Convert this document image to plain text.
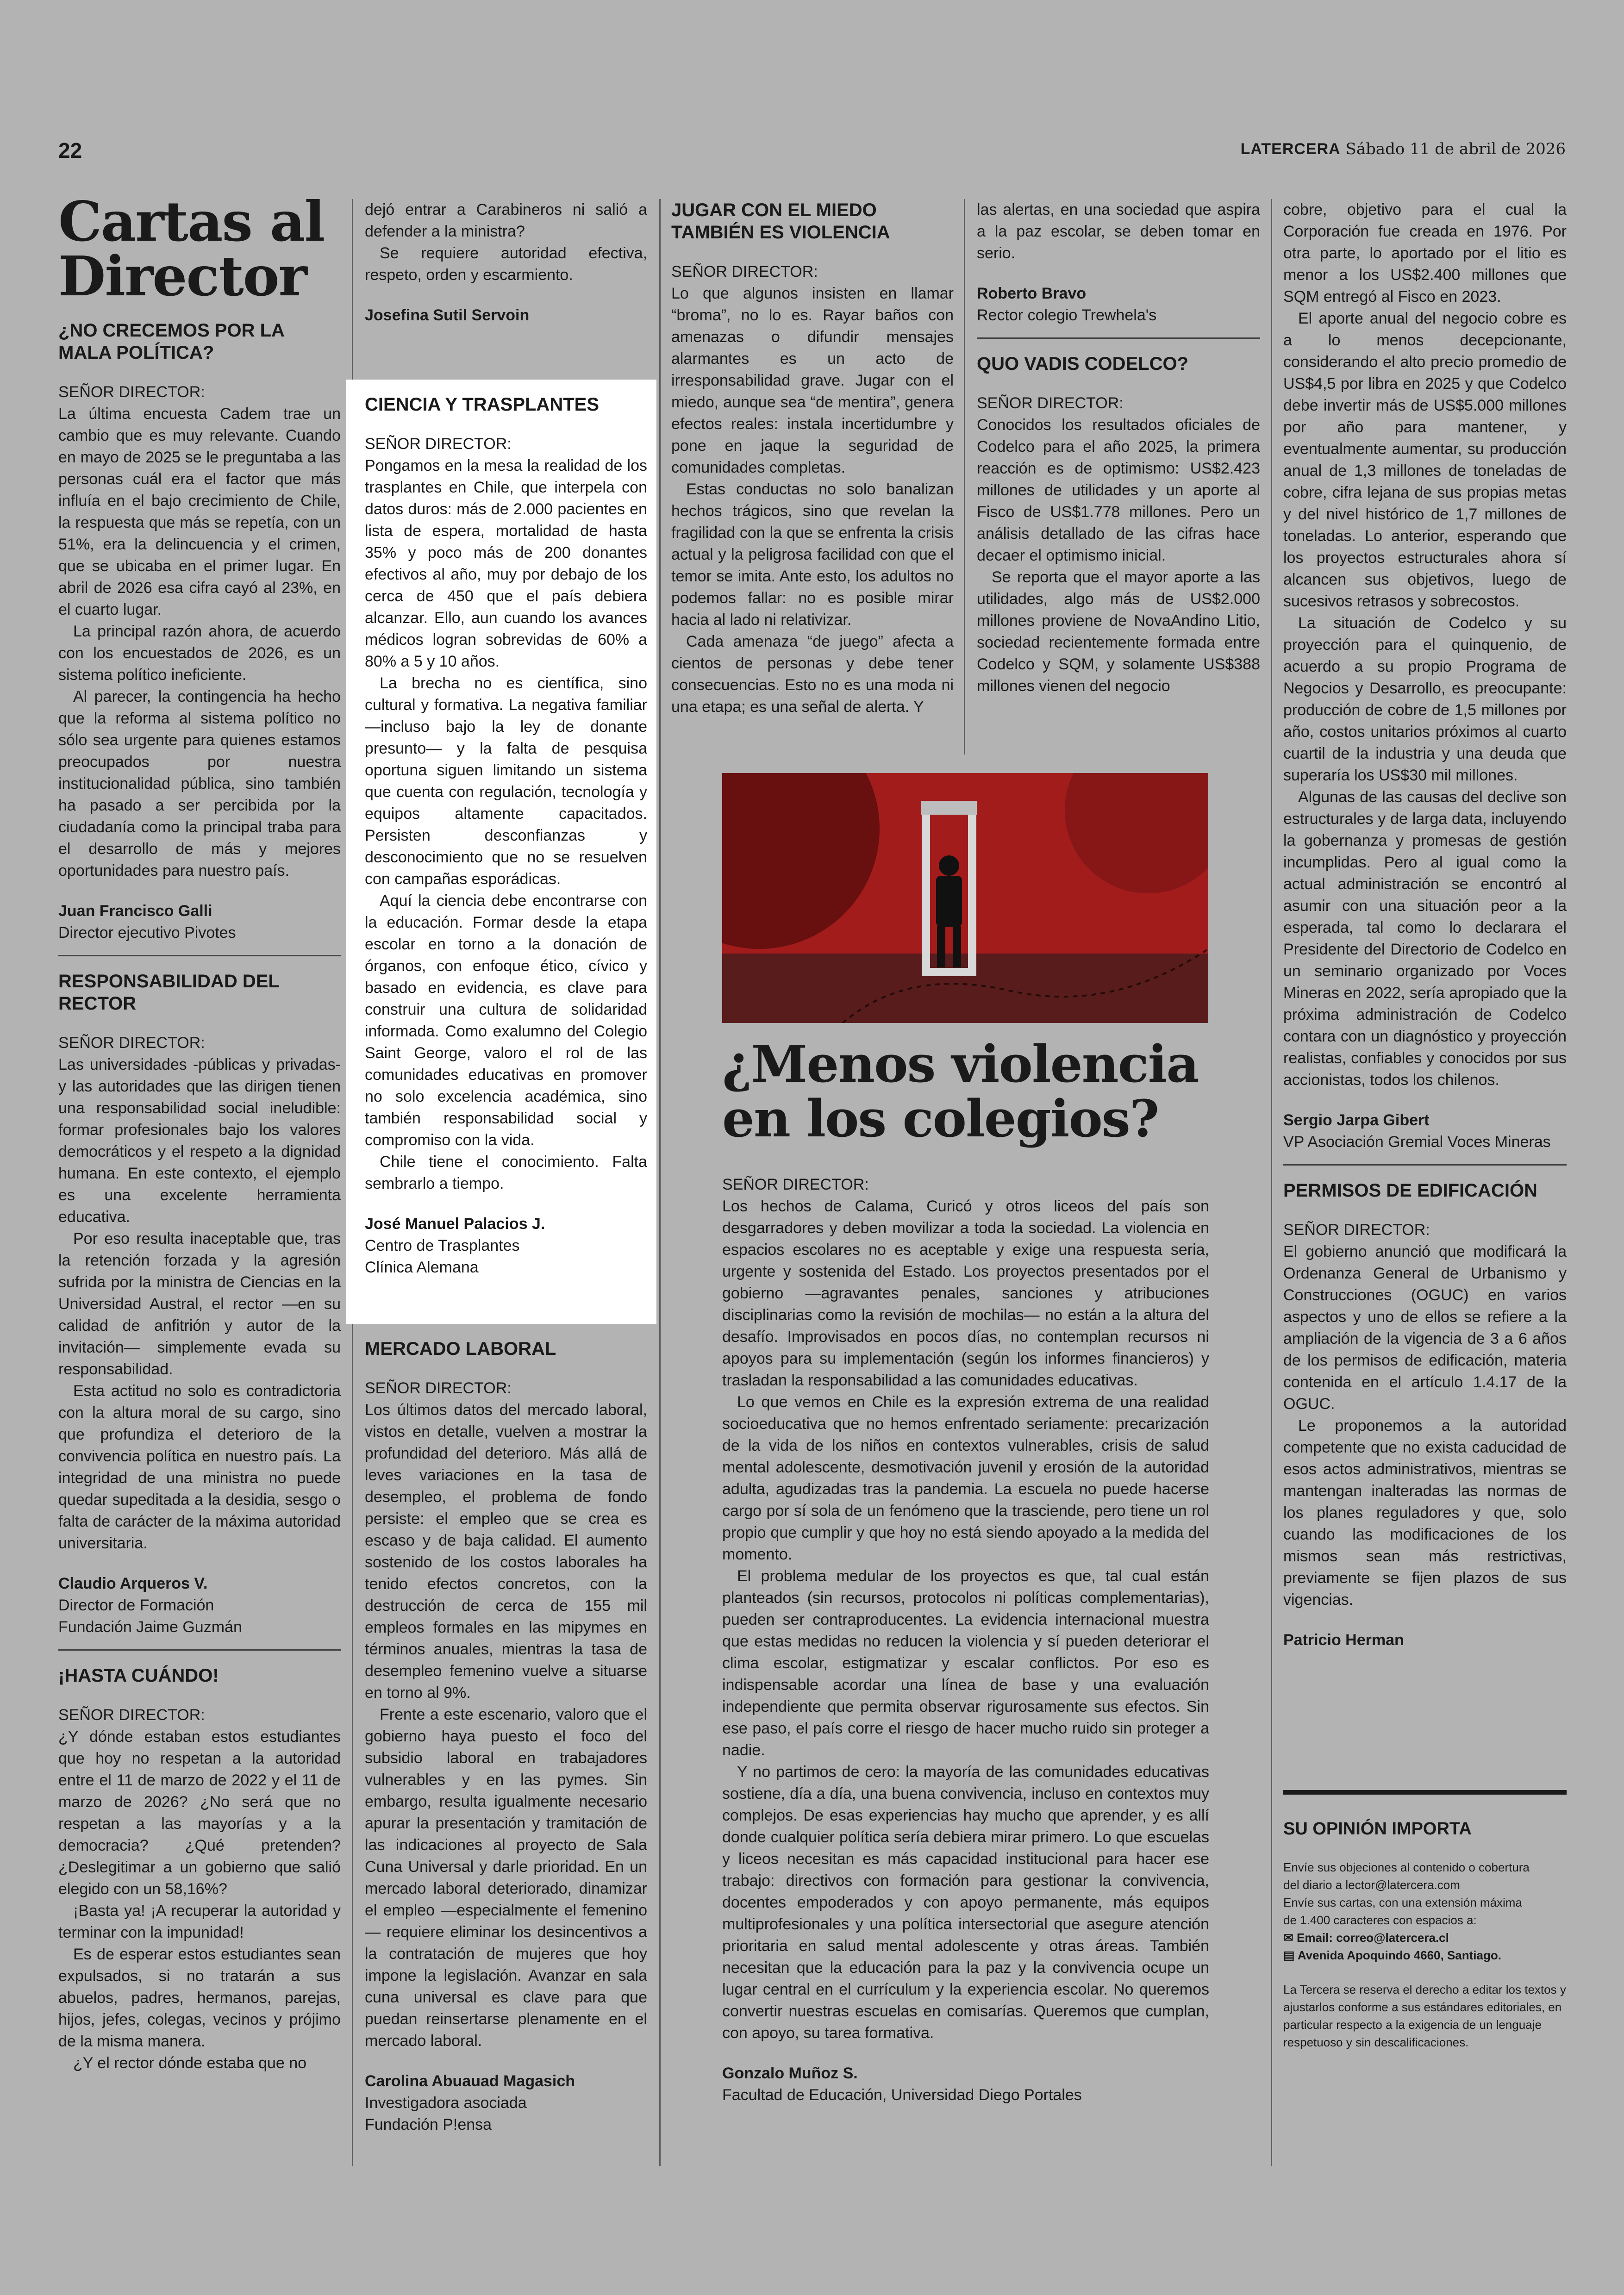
22	LATERCERA Sábado 11 de abril de 2026
Cartas al
Director
¿NO CRECEMOS POR LA MALA POLÍTICA?
SEÑOR DIRECTOR:

La última encuesta Cadem trae un cambio que es muy relevante. Cuando en mayo de 2025 se le preguntaba a las personas cuál era el factor que más influía en el bajo crecimiento de Chile, la respuesta que más se repetía, con un 51%, era la delincuencia y el crimen, que se ubicaba en el primer lugar. En abril de 2026 esa cifra cayó al 23%, en el cuarto lugar.

La principal razón ahora, de acuerdo con los encuestados de 2026, es un sistema político ineficiente.

Al parecer, la contingencia ha hecho que la reforma al sistema político no sólo sea urgente para quienes estamos preocupados por nuestra institucionalidad pública, sino también ha pasado a ser percibida por la ciudadanía como la principal traba para el desarrollo de más y mejores oportunidades para nuestro país.

Juan Francisco Galli
Director ejecutivo Pivotes
RESPONSABILIDAD DEL RECTOR
SEÑOR DIRECTOR:

Las universidades -públicas y privadas- y las autoridades que las dirigen tienen una responsabilidad social ineludible: formar profesionales bajo los valores democráticos y el respeto a la dignidad humana. En este contexto, el ejemplo es una excelente herramienta educativa.

Por eso resulta inaceptable que, tras la retención forzada y la agresión sufrida por la ministra de Ciencias en la Universidad Austral, el rector —en su calidad de anfitrión y autor de la invitación— simplemente evada su responsabilidad.

Esta actitud no solo es contradictoria con la altura moral de su cargo, sino que profundiza el deterioro de la convivencia política en nuestro país. La integridad de una ministra no puede quedar supeditada a la desidia, sesgo o falta de carácter de la máxima autoridad universitaria.

Claudio Arqueros V.
Director de Formación
Fundación Jaime Guzmán
¡HASTA CUÁNDO!
SEÑOR DIRECTOR:

¿Y dónde estaban estos estudiantes que hoy no respetan a la autoridad entre el 11 de marzo de 2022 y el 11 de marzo de 2026? ¿No será que no respetan a las mayorías y a la democracia? ¿Qué pretenden? ¿Deslegitimar a un gobierno que salió elegido con un 58,16%?

¡Basta ya! ¡A recuperar la autoridad y terminar con la impunidad!

Es de esperar estos estudiantes sean expulsados, si no tratarán a sus abuelos, padres, hermanos, parejas, hijos, jefes, colegas, vecinos y prójimo de la misma manera.

¿Y el rector dónde estaba que no

dejó entrar a Carabineros ni salió a defender a la ministra?

Se requiere autoridad efectiva, respeto, orden y escarmiento.

Josefina Sutil Servoin
CIENCIA Y TRASPLANTES
SEÑOR DIRECTOR:

Pongamos en la mesa la realidad de los trasplantes en Chile, que interpela con datos duros: más de 2.000 pacientes en lista de espera, mortalidad de hasta 35% y poco más de 200 donantes efectivos al año, muy por debajo de los cerca de 450 que el país debiera alcanzar. Ello, aun cuando los avances médicos logran sobrevidas de 60% a 80% a 5 y 10 años.

La brecha no es científica, sino cultural y formativa. La negativa familiar —incluso bajo la ley de donante presunto— y la falta de pesquisa oportuna siguen limitando un sistema que cuenta con regulación, tecnología y equipos altamente capacitados. Persisten desconfianzas y desconocimiento que no se resuelven con campañas esporádicas.

Aquí la ciencia debe encontrarse con la educación. Formar desde la etapa escolar en torno a la donación de órganos, con enfoque ético, cívico y basado en evidencia, es clave para construir una cultura de solidaridad informada. Como exalumno del Colegio Saint George, valoro el rol de las comunidades educativas en promover no solo excelencia académica, sino también responsabilidad social y compromiso con la vida.

Chile tiene el conocimiento. Falta sembrarlo a tiempo.

José Manuel Palacios J.
Centro de Trasplantes
Clínica Alemana
MERCADO LABORAL
SEÑOR DIRECTOR:

Los últimos datos del mercado laboral, vistos en detalle, vuelven a mostrar la profundidad del deterioro. Más allá de leves variaciones en la tasa de desempleo, el problema de fondo persiste: el empleo que se crea es escaso y de baja calidad. El aumento sostenido de los costos laborales ha tenido efectos concretos, con la destrucción de cerca de 155 mil empleos formales en las mipymes en términos anuales, mientras la tasa de desempleo femenino vuelve a situarse en torno al 9%.

Frente a este escenario, valoro que el gobierno haya puesto el foco del subsidio laboral en trabajadores vulnerables y en las pymes. Sin embargo, resulta igualmente necesario apurar la presentación y tramitación de las indicaciones al proyecto de Sala Cuna Universal y darle prioridad. En un mercado laboral deteriorado, dinamizar el empleo —especialmente el femenino— requiere eliminar los desincentivos a la contratación de mujeres que hoy impone la legislación. Avanzar en sala cuna universal es clave para que puedan reinsertarse plenamente en el mercado laboral.

Carolina Abuauad Magasich
Investigadora asociada
Fundación P!ensa
JUGAR CON EL MIEDO TAMBIÉN ES VIOLENCIA
SEÑOR DIRECTOR:

Lo que algunos insisten en llamar “broma”, no lo es. Rayar baños con amenazas o difundir mensajes alarmantes es un acto de irresponsabilidad grave. Jugar con el miedo, aunque sea “de mentira”, genera efectos reales: instala incertidumbre y pone en jaque la seguridad de comunidades completas.

Estas conductas no solo banalizan hechos trágicos, sino que revelan la fragilidad con la que se enfrenta la crisis actual y la peligrosa facilidad con que el temor se imita. Ante esto, los adultos no podemos fallar: no es posible mirar hacia al lado ni relativizar.

Cada amenaza “de juego” afecta a cientos de personas y debe tener consecuencias. Esto no es una moda ni una etapa; es una señal de alerta. Y

las alertas, en una sociedad que aspira a la paz escolar, se deben tomar en serio.

Roberto Bravo
Rector colegio Trewhela's
QUO VADIS CODELCO?
SEÑOR DIRECTOR:

Conocidos los resultados oficiales de Codelco para el año 2025, la primera reacción es de optimismo: US$2.423 millones de utilidades y un aporte al Fisco de US$1.778 millones. Pero un análisis detallado de las cifras hace decaer el optimismo inicial.

Se reporta que el mayor aporte a las utilidades, algo más de US$2.000 millones proviene de NovaAndino Litio, sociedad recientemente formada entre Codelco y SQM, y solamente US$388 millones vienen del negocio

¿Menos violencia
en los colegios?
SEÑOR DIRECTOR:

Los hechos de Calama, Curicó y otros liceos del país son desgarradores y deben movilizar a toda la sociedad. La violencia en espacios escolares no es aceptable y exige una respuesta seria, urgente y sostenida del Estado. Los proyectos presentados por el gobierno —agravantes penales, sanciones y atribuciones disciplinarias como la revisión de mochilas— no están a la altura del desafío. Improvisados en pocos días, no contemplan recursos ni apoyos para su implementación (según los informes financieros) y trasladan la responsabilidad a las comunidades educativas.

Lo que vemos en Chile es la expresión extrema de una realidad socioeducativa que no hemos enfrentado seriamente: precarización de la vida de los niños en contextos vulnerables, crisis de salud mental adolescente, desmotivación juvenil y erosión de la autoridad adulta, agudizadas tras la pandemia. La escuela no puede hacerse cargo por sí sola de un fenómeno que la trasciende, pero tiene un rol propio que cumplir y que hoy no está siendo apoyado a la medida del momento.

El problema medular de los proyectos es que, tal cual están planteados (sin recursos, protocolos ni políticas complementarias), pueden ser contraproducentes. La evidencia internacional muestra que estas medidas no reducen la violencia y sí pueden deteriorar el clima escolar, estigmatizar y escalar conflictos. Por eso es indispensable acordar una línea de base y una evaluación independiente que permita observar rigurosamente sus efectos. Sin ese paso, el país corre el riesgo de hacer mucho ruido sin proteger a nadie.

Y no partimos de cero: la mayoría de las comunidades educativas sostiene, día a día, una buena convivencia, incluso en contextos muy complejos. De esas experiencias hay mucho que aprender, y es allí donde cualquier política sería debiera mirar primero. Lo que escuelas y liceos necesitan es más capacidad institucional para hacer ese trabajo: directivos con formación para gestionar la convivencia, docentes empoderados y con apoyo permanente, más equipos multiprofesionales y una política intersectorial que asegure atención prioritaria en salud mental adolescente y otras áreas. También necesitan que la educación para la paz y la convivencia ocupe un lugar central en el currículum y la experiencia escolar. No queremos convertir nuestras escuelas en comisarías. Queremos que cumplan, con apoyo, su tarea formativa.

Gonzalo Muñoz S.
Facultad de Educación, Universidad Diego Portales

cobre, objetivo para el cual la Corporación fue creada en 1976. Por otra parte, lo aportado por el litio es menor a los US$2.400 millones que SQM entregó al Fisco en 2023.

El aporte anual del negocio cobre es a lo menos decepcionante, considerando el alto precio promedio de US$4,5 por libra en 2025 y que Codelco debe invertir más de US$5.000 millones por año para mantener, y eventualmente aumentar, su producción anual de 1,3 millones de toneladas de cobre, cifra lejana de sus propias metas y del nivel histórico de 1,7 millones de toneladas. Lo anterior, esperando que los proyectos estructurales ahora sí alcancen sus objetivos, luego de sucesivos retrasos y sobrecostos.

La situación de Codelco y su proyección para el quinquenio, de acuerdo a su propio Programa de Negocios y Desarrollo, es preocupante: producción de cobre de 1,5 millones por año, costos unitarios próximos al cuarto cuartil de la industria y una deuda que superaría los US$30 mil millones.

Algunas de las causas del declive son estructurales y de larga data, incluyendo la gobernanza y promesas de gestión incumplidas. Pero al igual como la actual administración se encontró al asumir con una situación peor a la esperada, tal como lo declarara el Presidente del Directorio de Codelco en un seminario organizado por Voces Mineras en 2022, sería apropiado que la próxima administración de Codelco contara con un diagnóstico y proyección realistas, confiables y conocidos por sus accionistas, todos los chilenos.

Sergio Jarpa Gibert
VP Asociación Gremial Voces Mineras
PERMISOS DE EDIFICACIÓN
SEÑOR DIRECTOR:

El gobierno anunció que modificará la Ordenanza General de Urbanismo y Construcciones (OGUC) en varios aspectos y uno de ellos se refiere a la ampliación de la vigencia de 3 a 6 años de los permisos de edificación, materia contenida en el artículo 1.4.17 de la OGUC.

Le proponemos a la autoridad competente que no exista caducidad de esos actos administrativos, mientras se mantengan inalteradas las normas de los planes reguladores y que, solo cuando las modificaciones de los mismos sean más restrictivas, previamente se fijen plazos de sus vigencias.

Patricio Herman
SU OPINIÓN IMPORTA
Envíe sus objeciones al contenido o cobertura
del diario a lector@latercera.com
Envíe sus cartas, con una extensión máxima
de 1.400 caracteres con espacios a:
✉ Email: correo@latercera.cl
▤ Avenida Apoquindo 4660, Santiago.
La Tercera se reserva el derecho a editar los textos y ajustarlos conforme a sus estándares editoriales, en particular respecto a la exigencia de un lenguaje respetuoso y sin descalificaciones.
